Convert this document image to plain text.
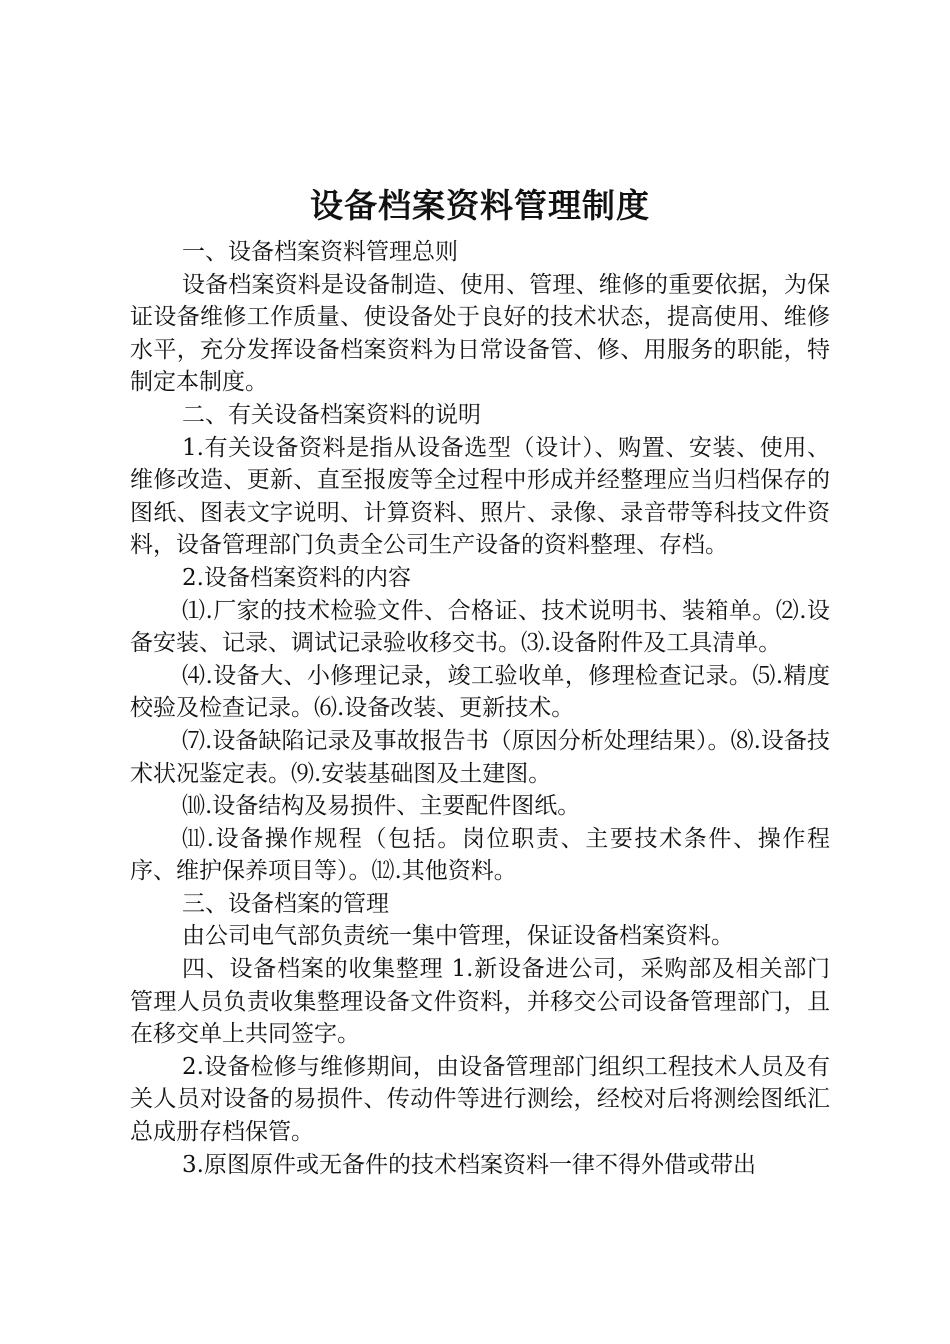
设备档案资料管理制度

一、设备档案资料管理总则

设备档案资料是设备制造、使用、管理、维修的重要依据，为保证设备维修工作质量、使设备处于良好的技术状态，提高使用、维修水平，充分发挥设备档案资料为日常设备管、修、用服务的职能，特制定本制度。

二、有关设备档案资料的说明

1.有关设备资料是指从设备选型（设计）、购置、安装、使用、维修改造、更新、直至报废等全过程中形成并经整理应当归档保存的图纸、图表文字说明、计算资料、照片、录像、录音带等科技文件资料，设备管理部门负责全公司生产设备的资料整理、存档。

2.设备档案资料的内容

⑴.厂家的技术检验文件、合格证、技术说明书、装箱单。⑵.设备安装、记录、调试记录验收移交书。⑶.设备附件及工具清单。

⑷.设备大、小修理记录，竣工验收单，修理检查记录。⑸.精度校验及检查记录。⑹.设备改装、更新技术。

⑺.设备缺陷记录及事故报告书（原因分析处理结果）。⑻.设备技术状况鉴定表。⑼.安装基础图及土建图。

⑽.设备结构及易损件、主要配件图纸。

⑾.设备操作规程（包括。岗位职责、主要技术条件、操作程序、维护保养项目等）。⑿.其他资料。

三、设备档案的管理

由公司电气部负责统一集中管理，保证设备档案资料。

四、设备档案的收集整理 1.新设备进公司，采购部及相关部门管理人员负责收集整理设备文件资料，并移交公司设备管理部门，且在移交单上共同签字。

2.设备检修与维修期间，由设备管理部门组织工程技术人员及有关人员对设备的易损件、传动件等进行测绘，经校对后将测绘图纸汇总成册存档保管。

3.原图原件或无备件的技术档案资料一律不得外借或带出
